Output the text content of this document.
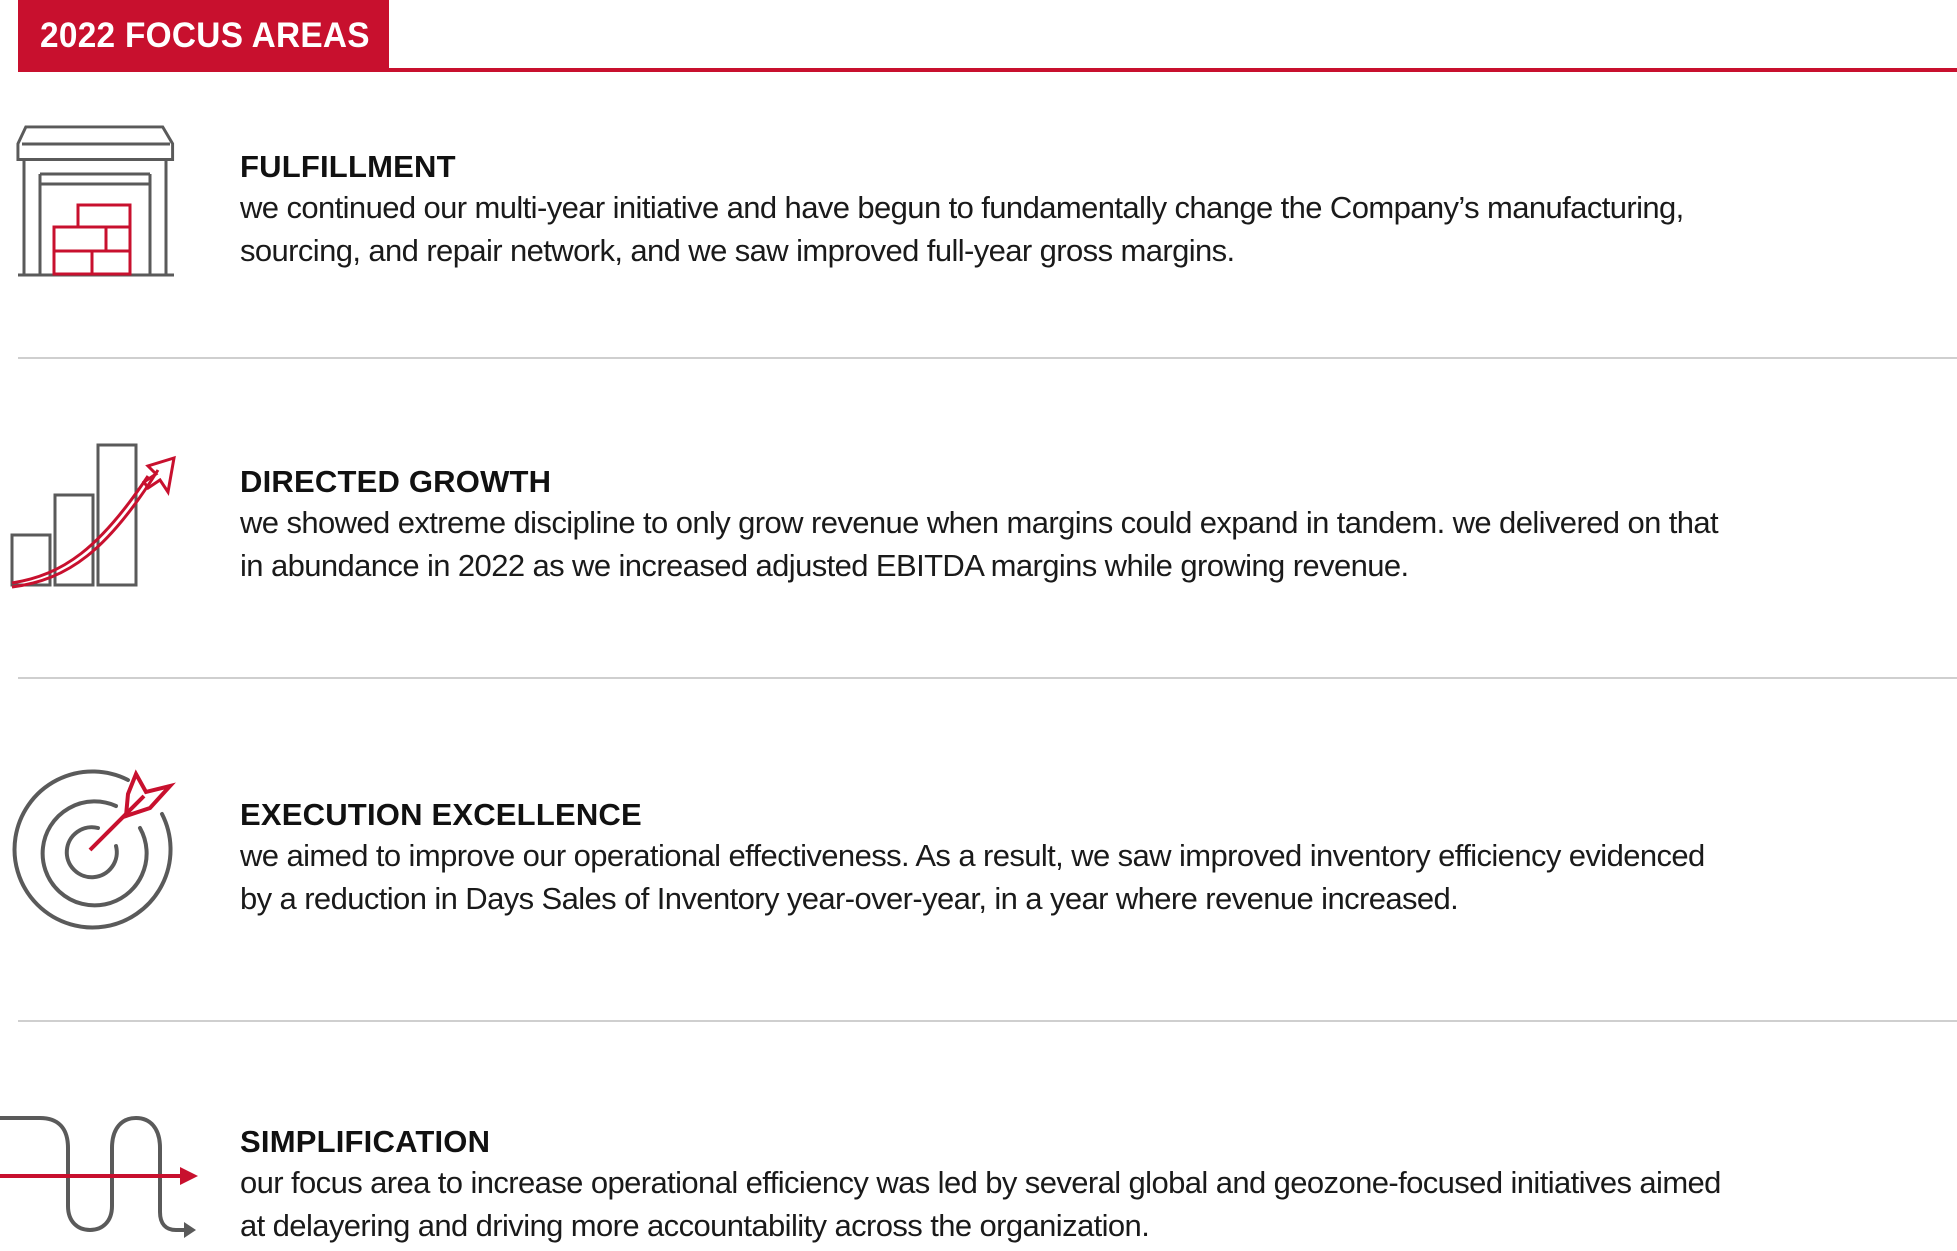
2022 FOCUS AREAS
FULFILLMENT
we continued our multi-year initiative and have begun to fundamentally change the Company’s manufacturing,
sourcing, and repair network, and we saw improved full-year gross margins.
DIRECTED GROWTH
we showed extreme discipline to only grow revenue when margins could expand in tandem. we delivered on that
in abundance in 2022 as we increased adjusted EBITDA margins while growing revenue.
EXECUTION EXCELLENCE
we aimed to improve our operational effectiveness. As a result, we saw improved inventory efficiency evidenced
by a reduction in Days Sales of Inventory year-over-year, in a year where revenue increased.
SIMPLIFICATION
our focus area to increase operational efficiency was led by several global and geozone-focused initiatives aimed
at delayering and driving more accountability across the organization.
